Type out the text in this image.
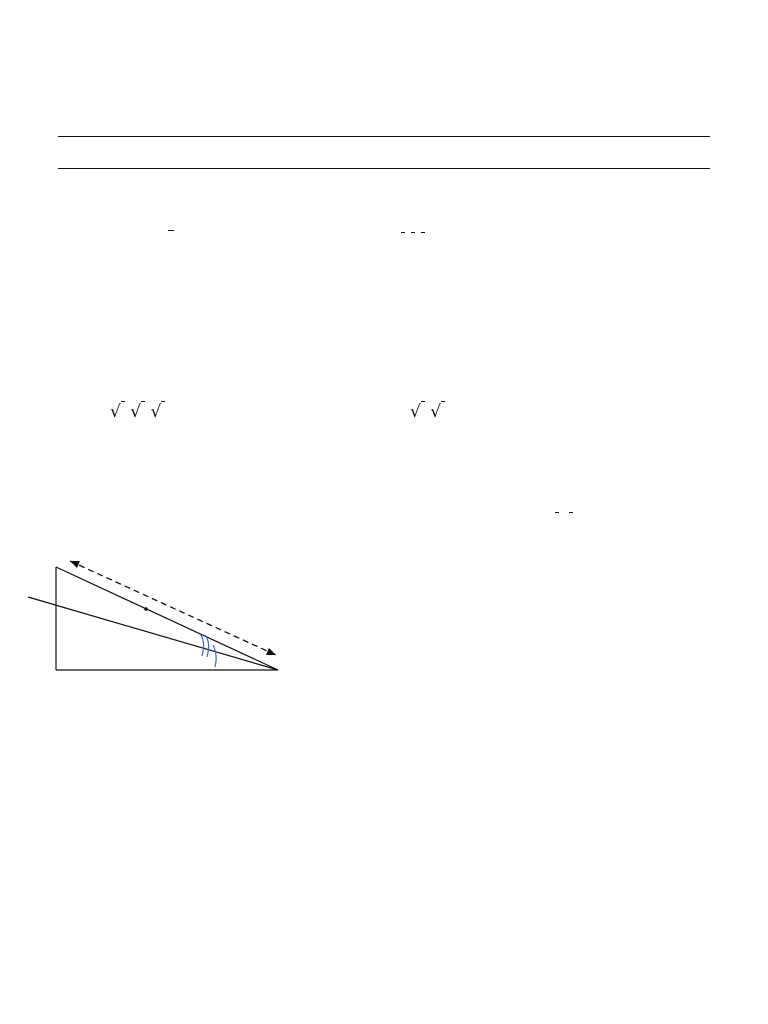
√ √
√ √ √
